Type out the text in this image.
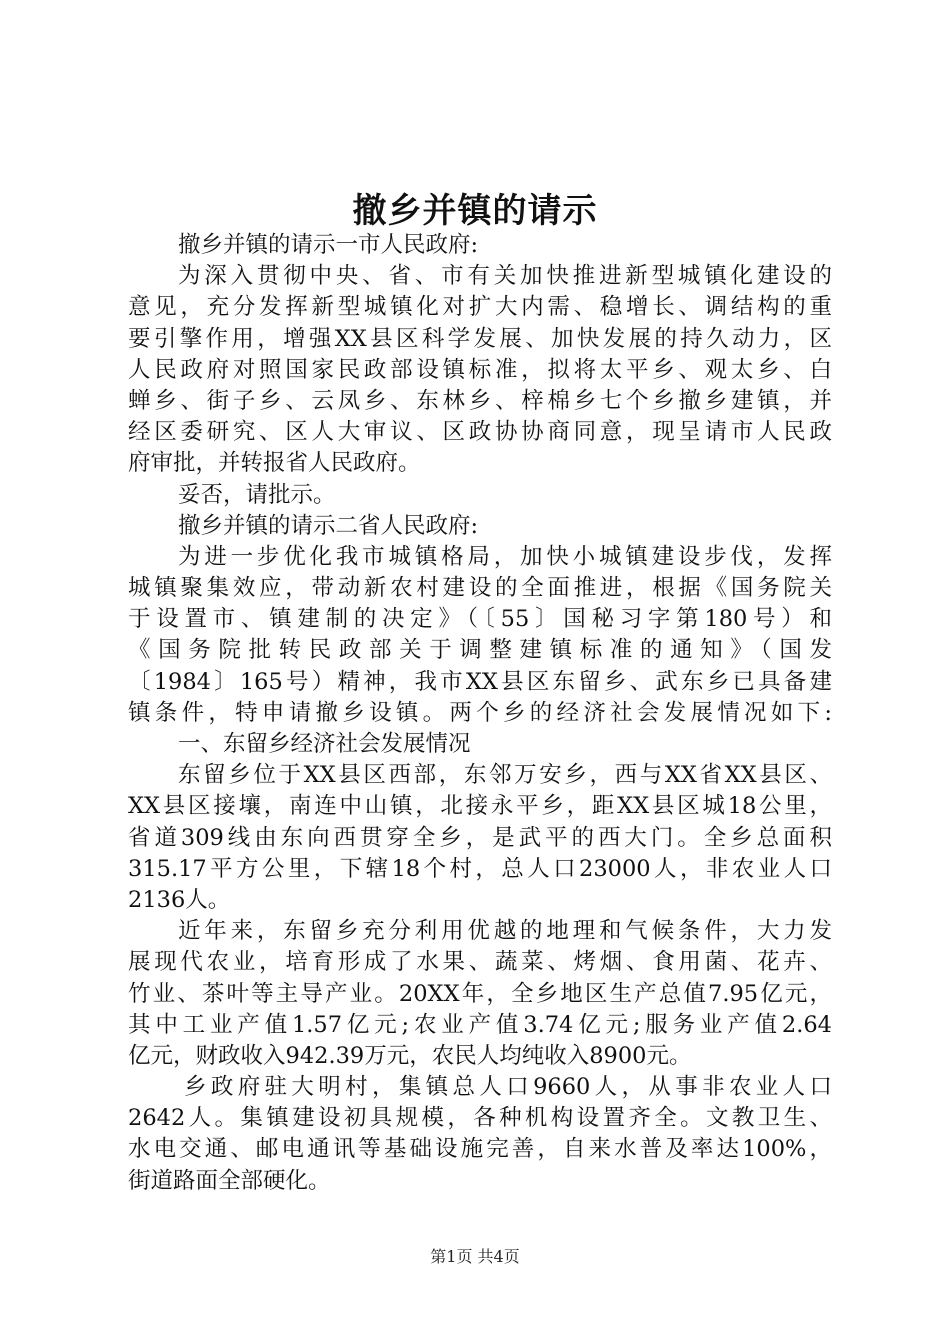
撤乡并镇的请示
撤乡并镇的请示一市人民政府:
为深入贯彻中央、省、市有关加快推进新型城镇化建设的
意见，充分发挥新型城镇化对扩大内需、稳增长、调结构的重
要引擎作用，增强XX县区科学发展、加快发展的持久动力，区
人民政府对照国家民政部设镇标准，拟将太平乡、观太乡、白
蝉乡、街子乡、云凤乡、东林乡、梓棉乡七个乡撤乡建镇，并
经区委研究、区人大审议、区政协协商同意，现呈请市人民政
府审批，并转报省人民政府。
妥否，请批示。
撤乡并镇的请示二省人民政府:
为进一步优化我市城镇格局，加快小城镇建设步伐，发挥
城镇聚集效应，带动新农村建设的全面推进，根据《国务院关
于设置市、镇建制的决定》（〔55〕国秘习字第180号）和
《国务院批转民政部关于调整建镇标准的通知》（国发
〔1984〕165号）精神，我市XX县区东留乡、武东乡已具备建
镇条件，特申请撤乡设镇。两个乡的经济社会发展情况如下:
一、东留乡经济社会发展情况
东留乡位于XX县区西部，东邻万安乡，西与XX省XX县区、
XX县区接壤，南连中山镇，北接永平乡，距XX县区城18公里，
省道309线由东向西贯穿全乡，是武平的西大门。全乡总面积
315.17平方公里，下辖18个村，总人口23000人，非农业人口
2136人。
近年来，东留乡充分利用优越的地理和气候条件，大力发
展现代农业，培育形成了水果、蔬菜、烤烟、食用菌、花卉、
竹业、茶叶等主导产业。20XX年，全乡地区生产总值7.95亿元，
其中工业产值1.57亿元;农业产值3.74亿元;服务业产值2.64
亿元，财政收入942.39万元，农民人均纯收入8900元。
乡政府驻大明村，集镇总人口9660人，从事非农业人口
2642人。集镇建设初具规模，各种机构设置齐全。文教卫生、
水电交通、邮电通讯等基础设施完善，自来水普及率达100%，
街道路面全部硬化。
第1页 共4页
